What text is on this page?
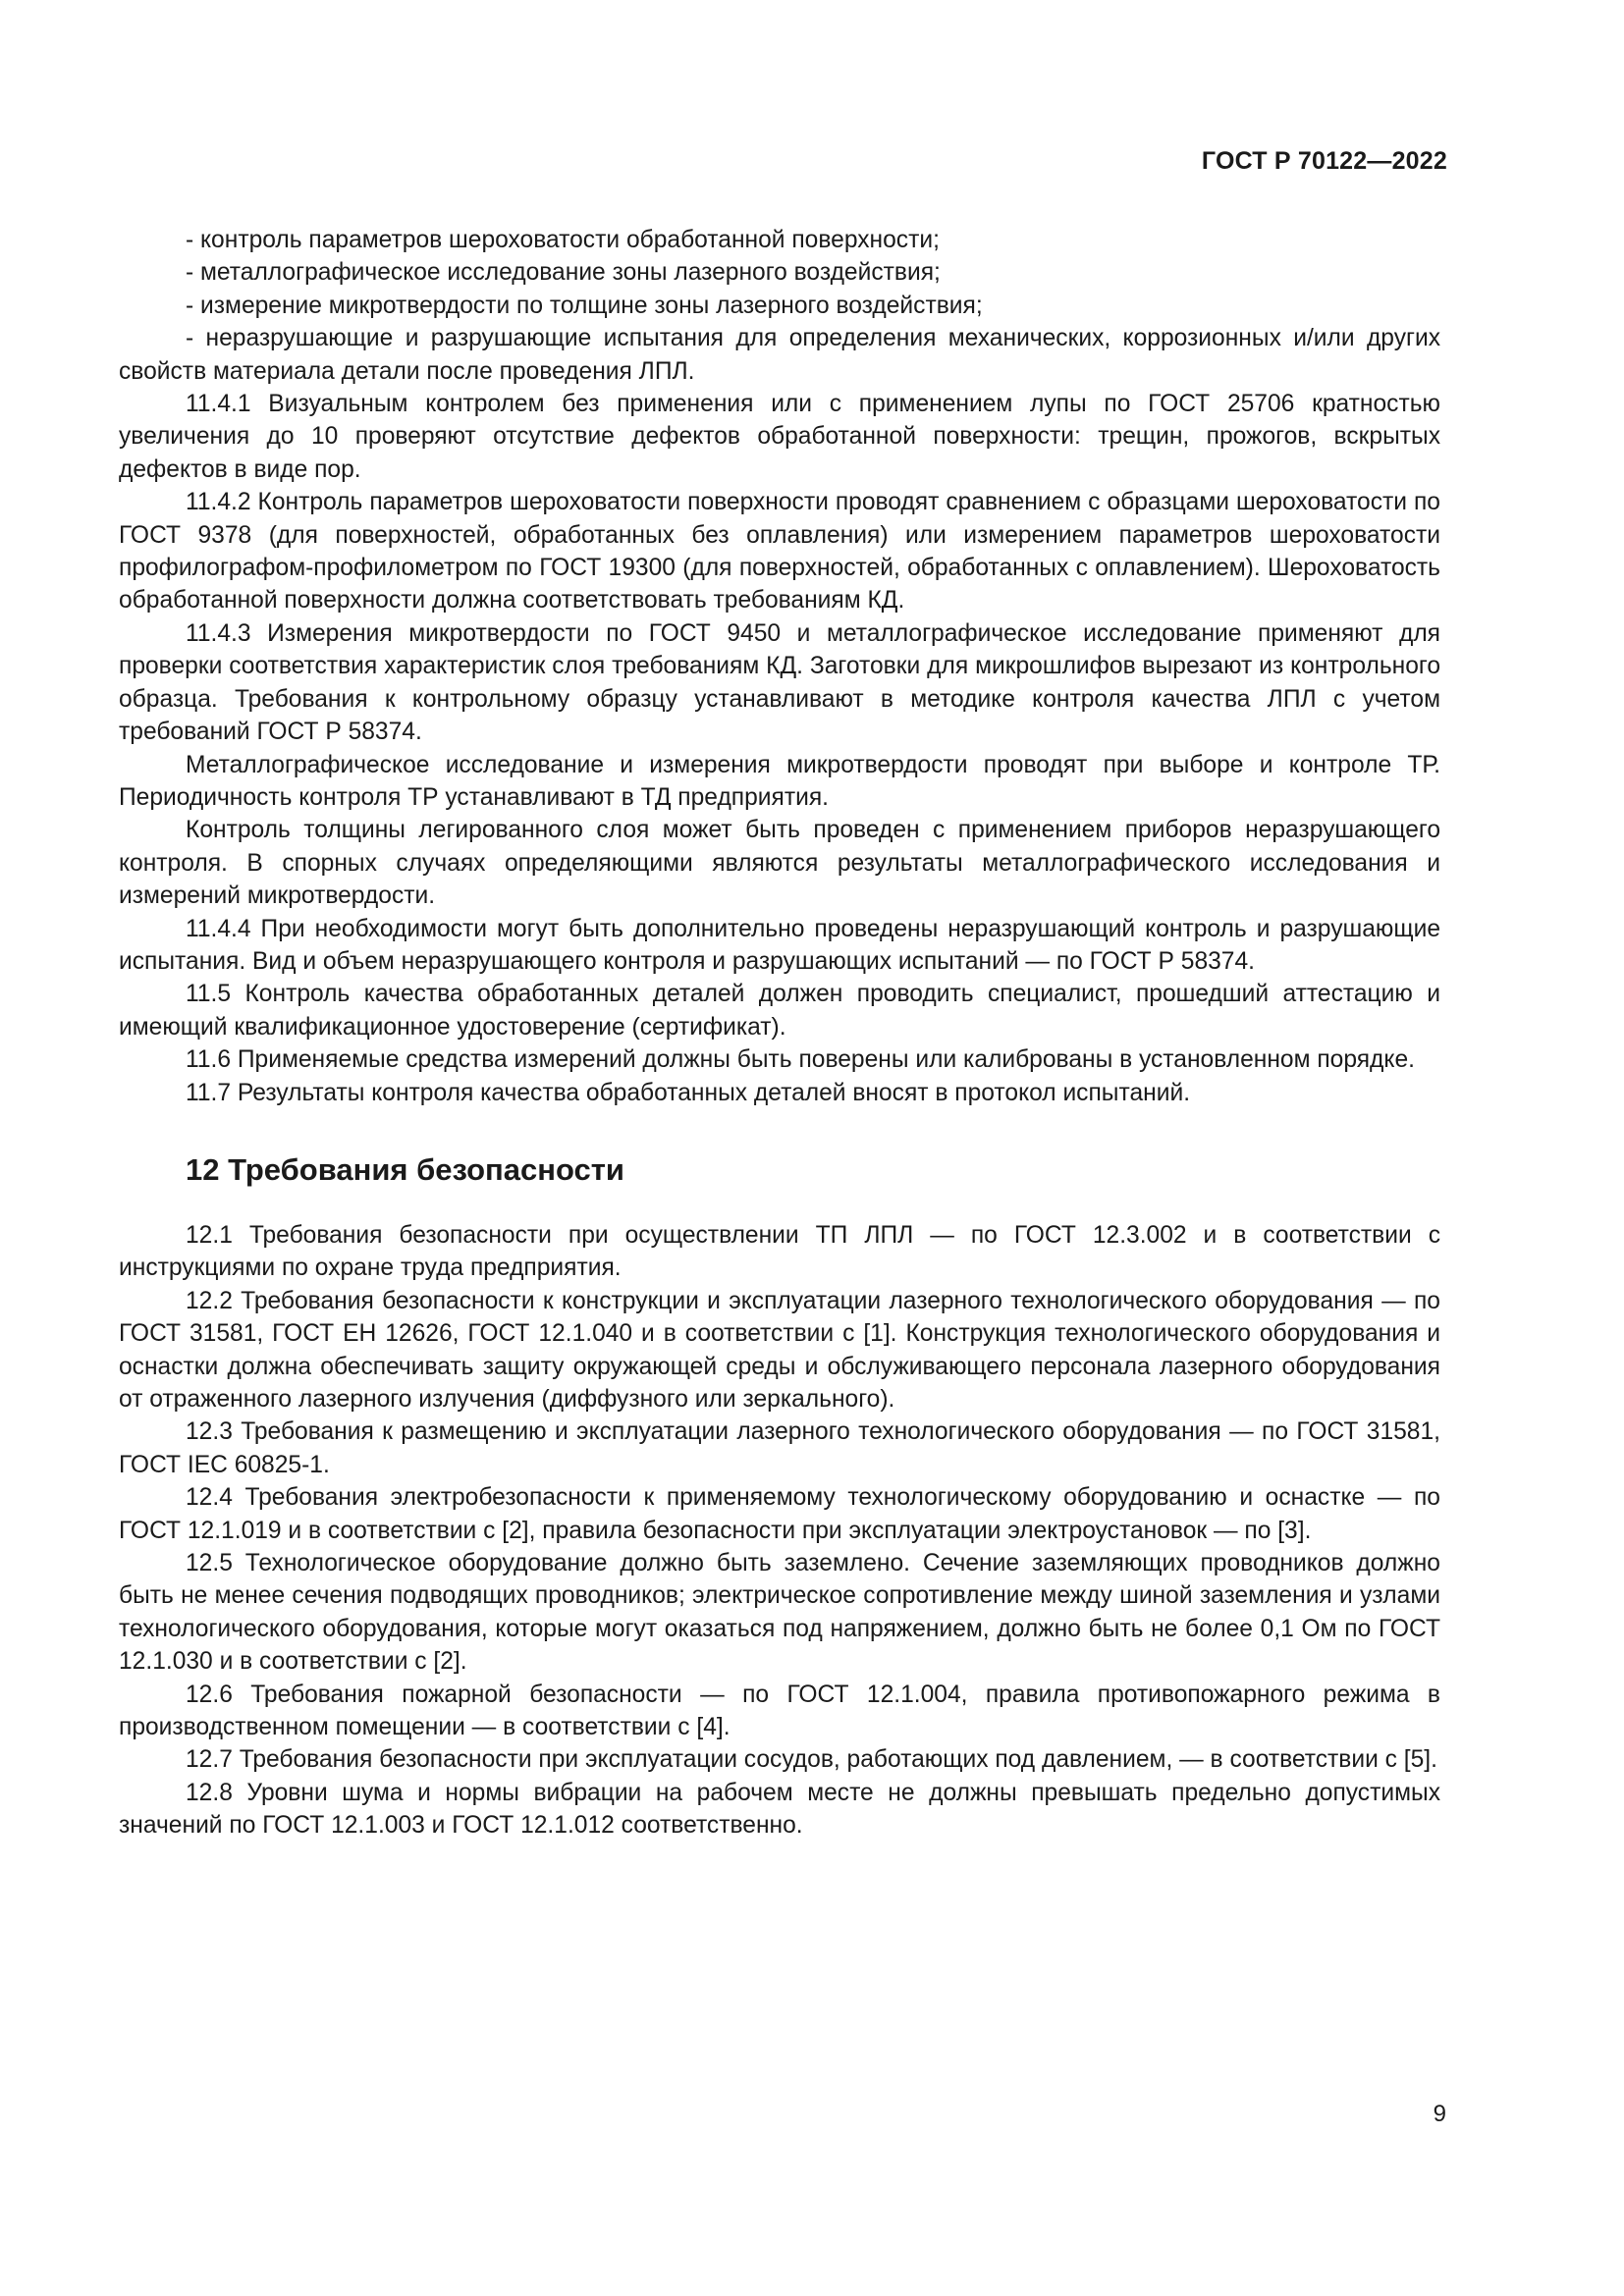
ГОСТ Р 70122—2022

- контроль параметров шероховатости обработанной поверхности;

- металлографическое исследование зоны лазерного воздействия;

- измерение микротвердости по толщине зоны лазерного воздействия;

- неразрушающие и разрушающие испытания для определения механических, коррозионных и/или других свойств материала детали после проведения ЛПЛ.

11.4.1 Визуальным контролем без применения или с применением лупы по ГОСТ 25706 кратностью увеличения до 10 проверяют отсутствие дефектов обработанной поверхности: трещин, прожогов, вскрытых дефектов в виде пор.

11.4.2 Контроль параметров шероховатости поверхности проводят сравнением с образцами шероховатости по ГОСТ 9378 (для поверхностей, обработанных без оплавления) или измерением параметров шероховатости профилографом-профилометром по ГОСТ 19300 (для поверхностей, обработанных с оплавлением). Шероховатость обработанной поверхности должна соответствовать требованиям КД.

11.4.3 Измерения микротвердости по ГОСТ 9450 и металлографическое исследование применяют для проверки соответствия характеристик слоя требованиям КД. Заготовки для микрошлифов вырезают из контрольного образца. Требования к контрольному образцу устанавливают в методике контроля качества ЛПЛ с учетом требований ГОСТ Р 58374.

Металлографическое исследование и измерения микротвердости проводят при выборе и контроле ТР. Периодичность контроля ТР устанавливают в ТД предприятия.

Контроль толщины легированного слоя может быть проведен с применением приборов неразрушающего контроля. В спорных случаях определяющими являются результаты металлографического исследования и измерений микротвердости.

11.4.4 При необходимости могут быть дополнительно проведены неразрушающий контроль и разрушающие испытания. Вид и объем неразрушающего контроля и разрушающих испытаний — по ГОСТ Р 58374.

11.5 Контроль качества обработанных деталей должен проводить специалист, прошедший аттестацию и имеющий квалификационное удостоверение (сертификат).

11.6 Применяемые средства измерений должны быть поверены или калиброваны в установленном порядке.

11.7 Результаты контроля качества обработанных деталей вносят в протокол испытаний.

12 Требования безопасности

12.1 Требования безопасности при осуществлении ТП ЛПЛ — по ГОСТ 12.3.002 и в соответствии с инструкциями по охране труда предприятия.

12.2 Требования безопасности к конструкции и эксплуатации лазерного технологического оборудования — по ГОСТ 31581, ГОСТ ЕН 12626, ГОСТ 12.1.040 и в соответствии с [1]. Конструкция технологического оборудования и оснастки должна обеспечивать защиту окружающей среды и обслуживающего персонала лазерного оборудования от отраженного лазерного излучения (диффузного или зеркального).

12.3 Требования к размещению и эксплуатации лазерного технологического оборудования — по ГОСТ 31581, ГОСТ IEC 60825-1.

12.4 Требования электробезопасности к применяемому технологическому оборудованию и оснастке — по ГОСТ 12.1.019 и в соответствии с [2], правила безопасности при эксплуатации электроустановок — по [3].

12.5 Технологическое оборудование должно быть заземлено. Сечение заземляющих проводников должно быть не менее сечения подводящих проводников; электрическое сопротивление между шиной заземления и узлами технологического оборудования, которые могут оказаться под напряжением, должно быть не более 0,1 Ом по ГОСТ 12.1.030 и в соответствии с [2].

12.6 Требования пожарной безопасности — по ГОСТ 12.1.004, правила противопожарного режима в производственном помещении — в соответствии с [4].

12.7 Требования безопасности при эксплуатации сосудов, работающих под давлением, — в соответствии с [5].

12.8 Уровни шума и нормы вибрации на рабочем месте не должны превышать предельно допустимых значений по ГОСТ 12.1.003 и ГОСТ 12.1.012 соответственно.

9
